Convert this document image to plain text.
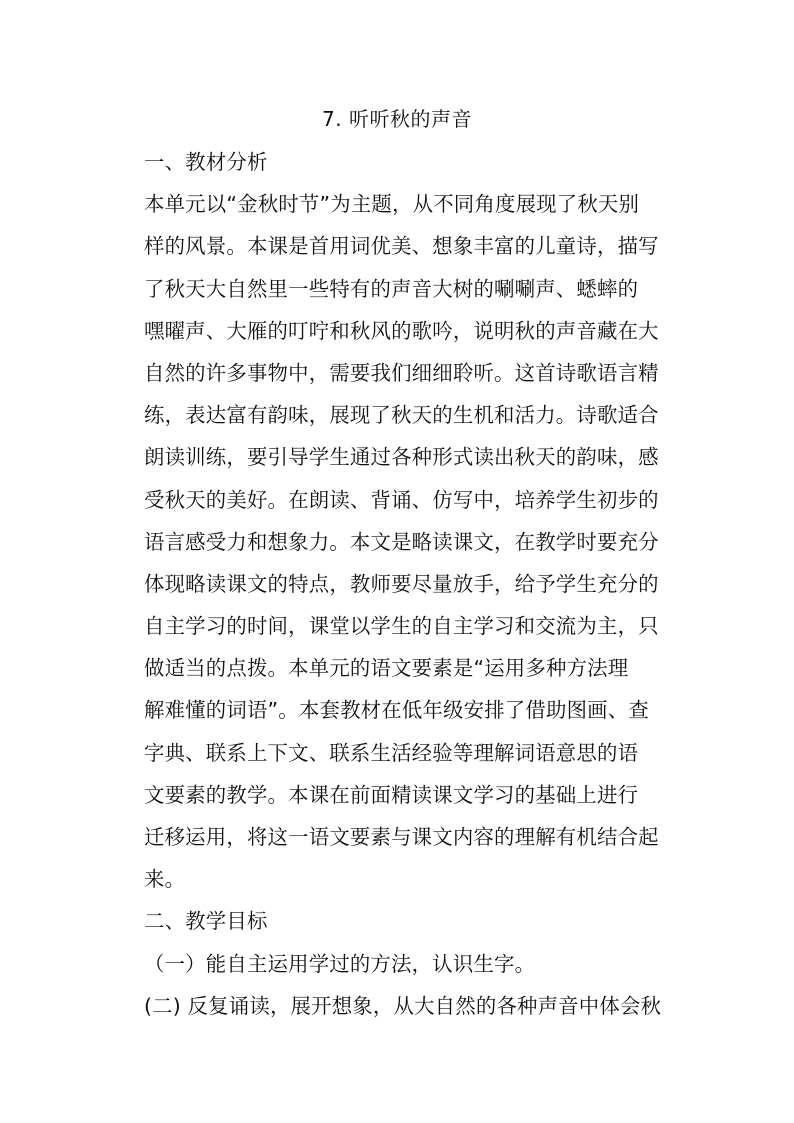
7. 听听秋的声音
一、教材分析
本单元以“金秋时节”为主题，从不同角度展现了秋天别
样的风景。本课是首用词优美、想象丰富的儿童诗，描写
了秋天大自然里一些特有的声音大树的唰唰声、蟋蟀的
嘿曜声、大雁的叮咛和秋风的歌吟，说明秋的声音藏在大
自然的许多事物中，需要我们细细聆听。这首诗歌语言精
练，表达富有韵味，展现了秋天的生机和活力。诗歌适合
朗读训练，要引导学生通过各种形式读出秋天的韵味，感
受秋天的美好。在朗读、背诵、仿写中，培养学生初步的
语言感受力和想象力。本文是略读课文，在教学时要充分
体现略读课文的特点，教师要尽量放手，给予学生充分的
自主学习的时间，课堂以学生的自主学习和交流为主，只
做适当的点拨。本单元的语文要素是“运用多种方法理
解难懂的词语”。本套教材在低年级安排了借助图画、查
字典、联系上下文、联系生活经验等理解词语意思的语
文要素的教学。本课在前面精读课文学习的基础上进行
迁移运用，将这一语文要素与课文内容的理解有机结合起
来。
二、教学目标
（一）能自主运用学过的方法，认识生字。
(二) 反复诵读，展开想象，从大自然的各种声音中体会秋
